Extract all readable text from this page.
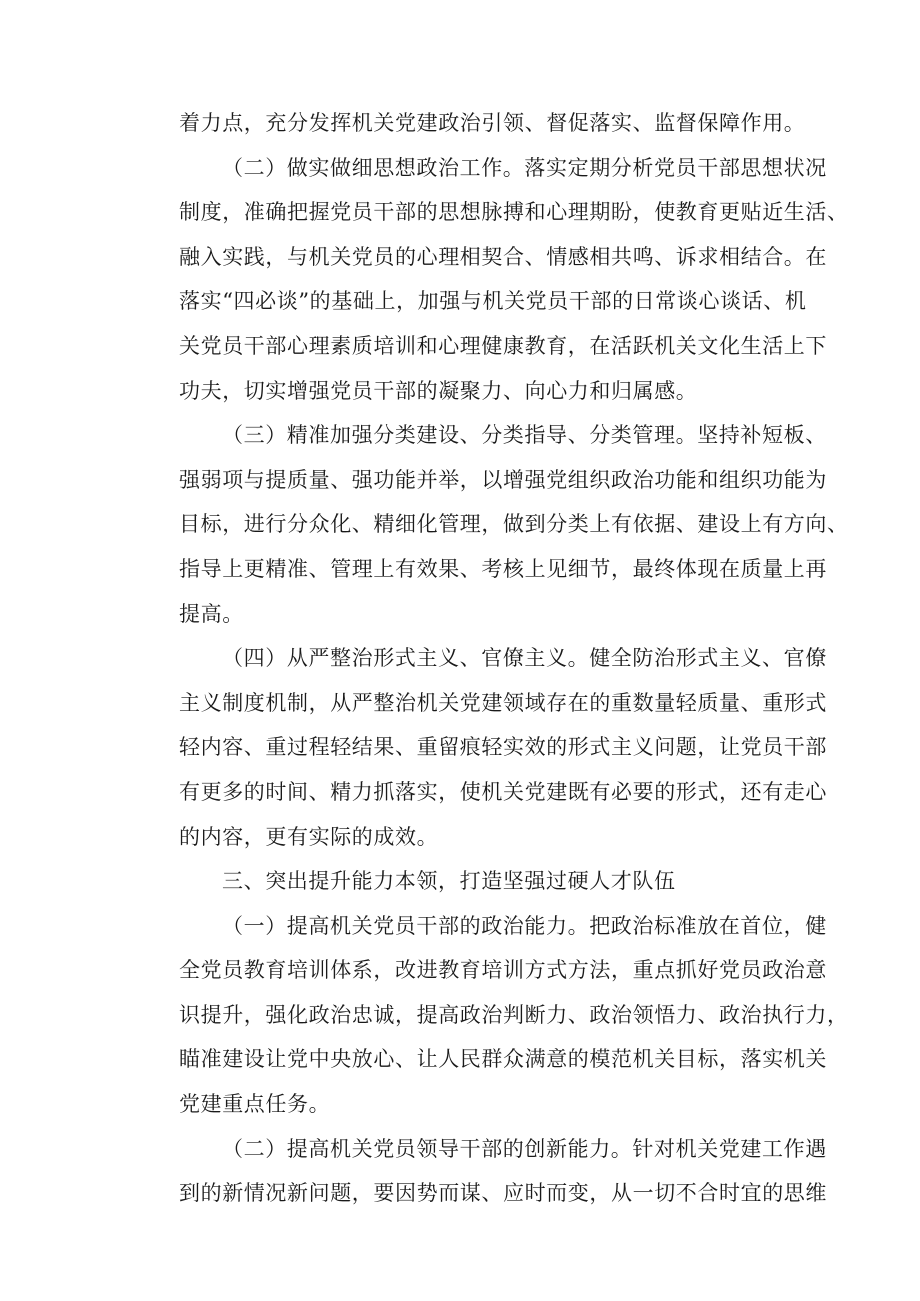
着力点，充分发挥机关党建政治引领、督促落实、监督保障作用。
（二）做实做细思想政治工作。落实定期分析党员干部思想状况
制度，准确把握党员干部的思想脉搏和心理期盼，使教育更贴近生活、
融入实践，与机关党员的心理相契合、情感相共鸣、诉求相结合。在
落实“四必谈”的基础上，加强与机关党员干部的日常谈心谈话、机
关党员干部心理素质培训和心理健康教育，在活跃机关文化生活上下
功夫，切实增强党员干部的凝聚力、向心力和归属感。
（三）精准加强分类建设、分类指导、分类管理。坚持补短板、
强弱项与提质量、强功能并举，以增强党组织政治功能和组织功能为
目标，进行分众化、精细化管理，做到分类上有依据、建设上有方向、
指导上更精准、管理上有效果、考核上见细节，最终体现在质量上再
提高。
（四）从严整治形式主义、官僚主义。健全防治形式主义、官僚
主义制度机制，从严整治机关党建领域存在的重数量轻质量、重形式
轻内容、重过程轻结果、重留痕轻实效的形式主义问题，让党员干部
有更多的时间、精力抓落实，使机关党建既有必要的形式，还有走心
的内容，更有实际的成效。
三、突出提升能力本领，打造坚强过硬人才队伍
（一）提高机关党员干部的政治能力。把政治标准放在首位，健
全党员教育培训体系，改进教育培训方式方法，重点抓好党员政治意
识提升，强化政治忠诚，提高政治判断力、政治领悟力、政治执行力，
瞄准建设让党中央放心、让人民群众满意的模范机关目标，落实机关
党建重点任务。
（二）提高机关党员领导干部的创新能力。针对机关党建工作遇
到的新情况新问题，要因势而谋、应时而变，从一切不合时宜的思维
